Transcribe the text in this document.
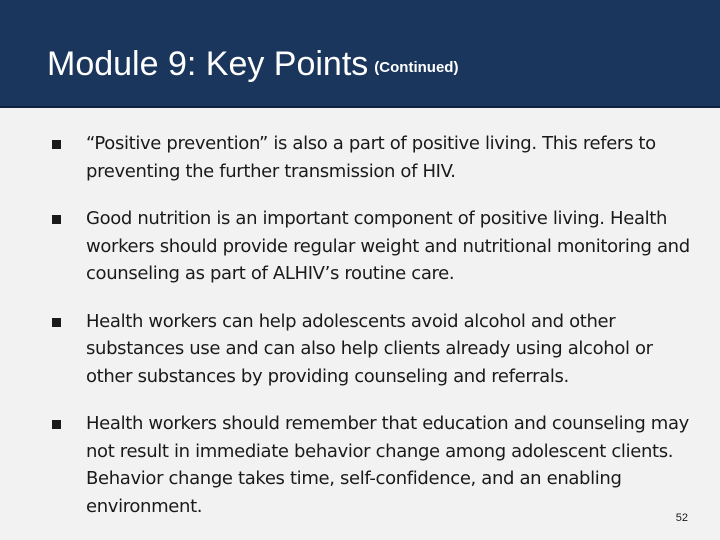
Module 9: Key Points (Continued)
“Positive prevention” is also a part of positive living. This refers to preventing the further transmission of HIV.
Good nutrition is an important component of positive living. Health workers should provide regular weight and nutritional monitoring and counseling as part of ALHIV’s routine care.
Health workers can help adolescents avoid alcohol and other substances use and can also help clients already using alcohol or other substances by providing counseling and referrals.
Health workers should remember that education and counseling may not result in immediate behavior change among adolescent clients. Behavior change takes time, self-confidence, and an enabling environment.
52
